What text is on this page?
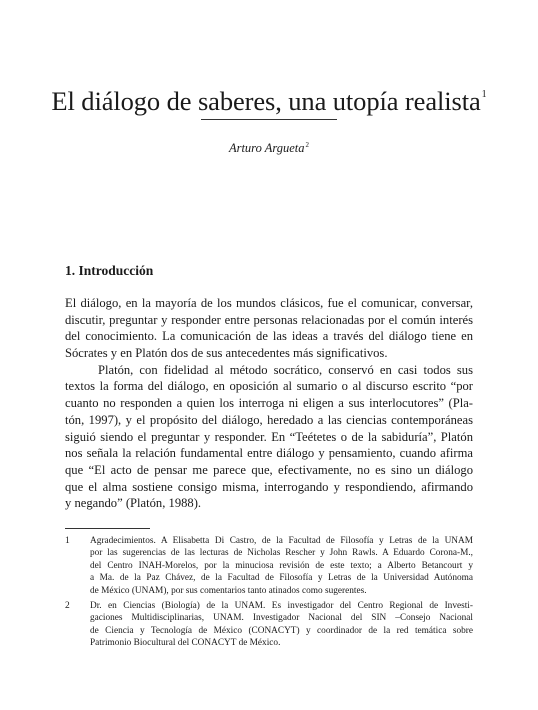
El diálogo de saberes, una utopía realista$^1$
Arturo Argueta$^2$
1. Introducción
El diálogo, en la mayoría de los mundos clásicos, fue el comunicar, conversar,
discutir, preguntar y responder entre personas relacionadas por el común interés
del conocimiento. La comunicación de las ideas a través del diálogo tiene en
Sócrates y en Platón dos de sus antecedentes más significativos.
Platón, con fidelidad al método socrático, conservó en casi todos sus
textos la forma del diálogo, en oposición al sumario o al discurso escrito “por
cuanto no responden a quien los interroga ni eligen a sus interlocutores” (Pla-
tón, 1997), y el propósito del diálogo, heredado a las ciencias contemporáneas
siguió siendo el preguntar y responder. En “Teétetes o de la sabiduría”, Platón
nos señala la relación fundamental entre diálogo y pensamiento, cuando afirma
que “El acto de pensar me parece que, efectivamente, no es sino un diálogo
que el alma sostiene consigo misma, interrogando y respondiendo, afirmando
y negando” (Platón, 1988).
1 Agradecimientos. A Elisabetta Di Castro, de la Facultad de Filosofía y Letras de la UNAM
por las sugerencias de las lecturas de Nicholas Rescher y John Rawls. A Eduardo Corona-M.,
del Centro INAH-Morelos, por la minuciosa revisión de este texto; a Alberto Betancourt y
a Ma. de la Paz Chávez, de la Facultad de Filosofía y Letras de la Universidad Autónoma
de México (UNAM), por sus comentarios tanto atinados como sugerentes.
2 Dr. en Ciencias (Biología) de la UNAM. Es investigador del Centro Regional de Investi-
gaciones Multidisciplinarias, UNAM. Investigador Nacional del SIN –Consejo Nacional
de Ciencia y Tecnología de México (CONACYT) y coordinador de la red temática sobre
Patrimonio Biocultural del CONACYT de México.
